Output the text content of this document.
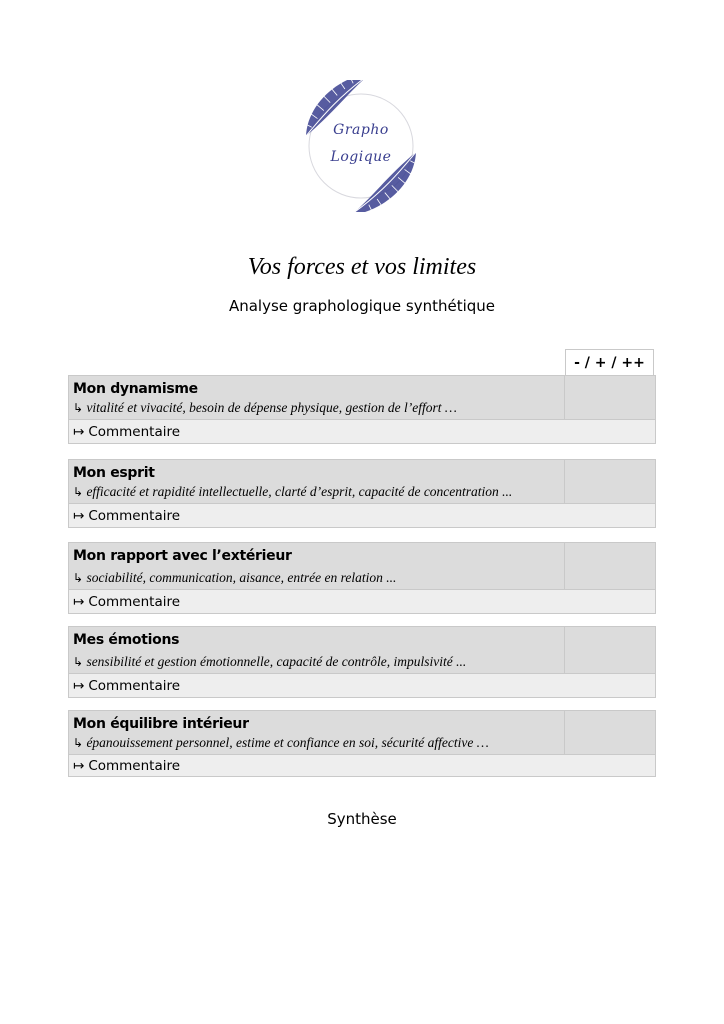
Grapho
Logique
Vos forces et vos limites
Analyse graphologique synthétique
- / + / ++
Mon dynamisme
↳ vitalité et vivacité, besoin de dépense physique, gestion de l’effort …
↦ Commentaire
Mon esprit
↳ efficacité et rapidité intellectuelle, clarté d’esprit, capacité de concentration ...
↦ Commentaire
Mon rapport avec l’extérieur
↳ sociabilité, communication, aisance, entrée en relation ...
↦ Commentaire
Mes émotions
↳ sensibilité et gestion émotionnelle, capacité de contrôle, impulsivité ...
↦ Commentaire
Mon équilibre intérieur
↳ épanouissement personnel, estime et confiance en soi, sécurité affective …
↦ Commentaire
Synthèse
